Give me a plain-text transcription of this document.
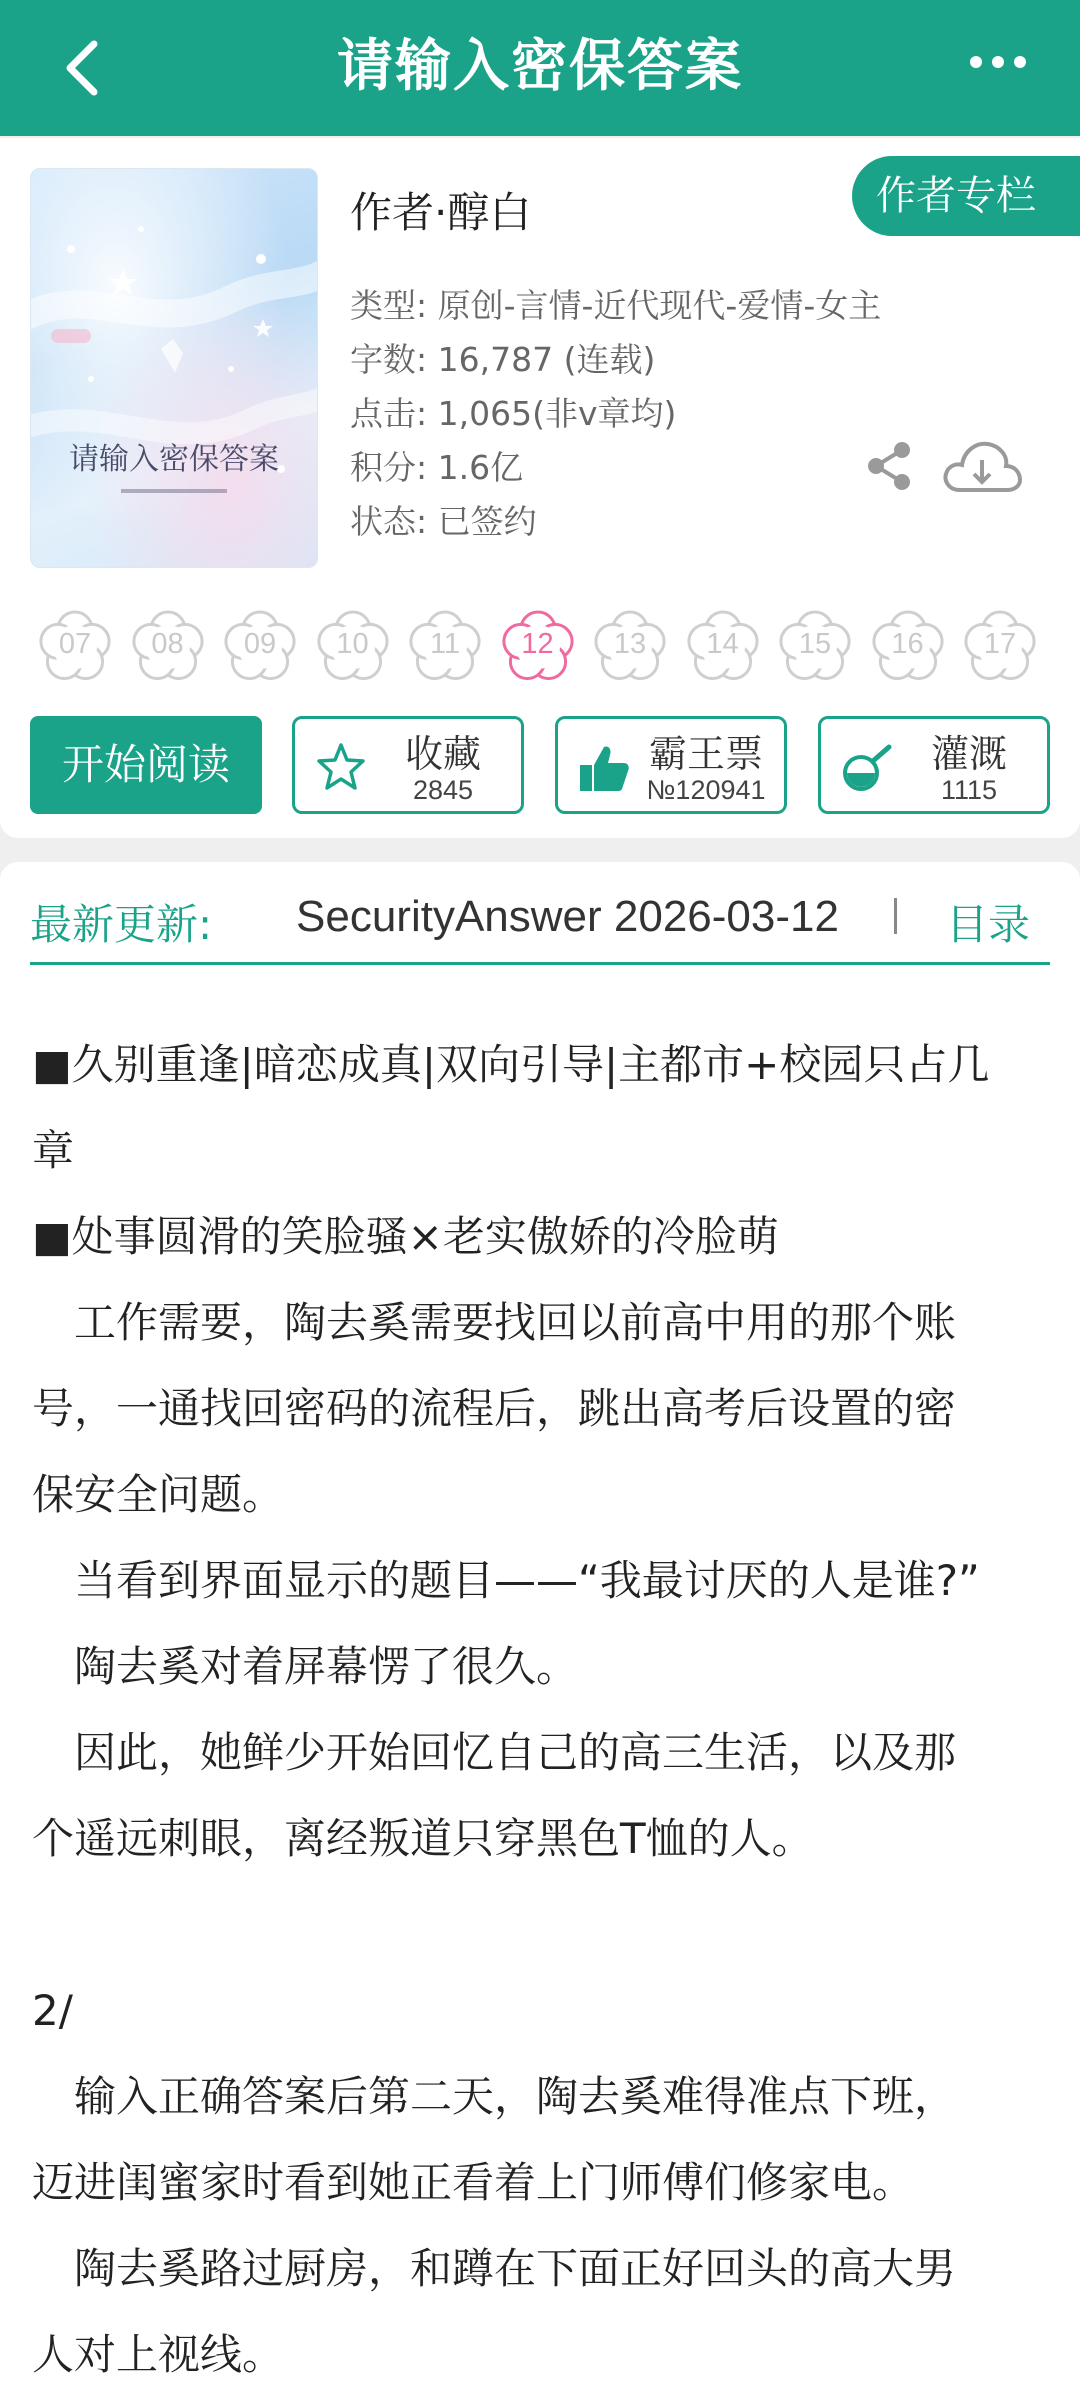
请输入密保答案
请输入密保答案
作者·醇白	作者专栏
类型: 原创-言情-近代现代-爱情-女主
字数: 16,787 (连载)
点击: 1,065(非v章均)
积分: 1.6亿
状态: 已签约
07	08	09	10	11	12	13	14	15	16	17
开始阅读	收藏
2845
霸王票
№120941
灌溉
1115
最新更新: SecurityAnswer 2026-03-12	目录

■久别重逢|暗恋成真|双向引导|主都市+校园只占几

章

■处事圆滑的笑脸骚×老实傲娇的冷脸萌

　工作需要，陶去奚需要找回以前高中用的那个账

号，一通找回密码的流程后，跳出高考后设置的密

保安全问题。

　当看到界面显示的题目——“我最讨厌的人是谁?”

　陶去奚对着屏幕愣了很久。

　因此，她鲜少开始回忆自己的高三生活，以及那

个遥远刺眼，离经叛道只穿黑色T恤的人。

2/

　输入正确答案后第二天，陶去奚难得准点下班，

迈进闺蜜家时看到她正看着上门师傅们修家电。

　陶去奚路过厨房，和蹲在下面正好回头的高大男

人对上视线。
